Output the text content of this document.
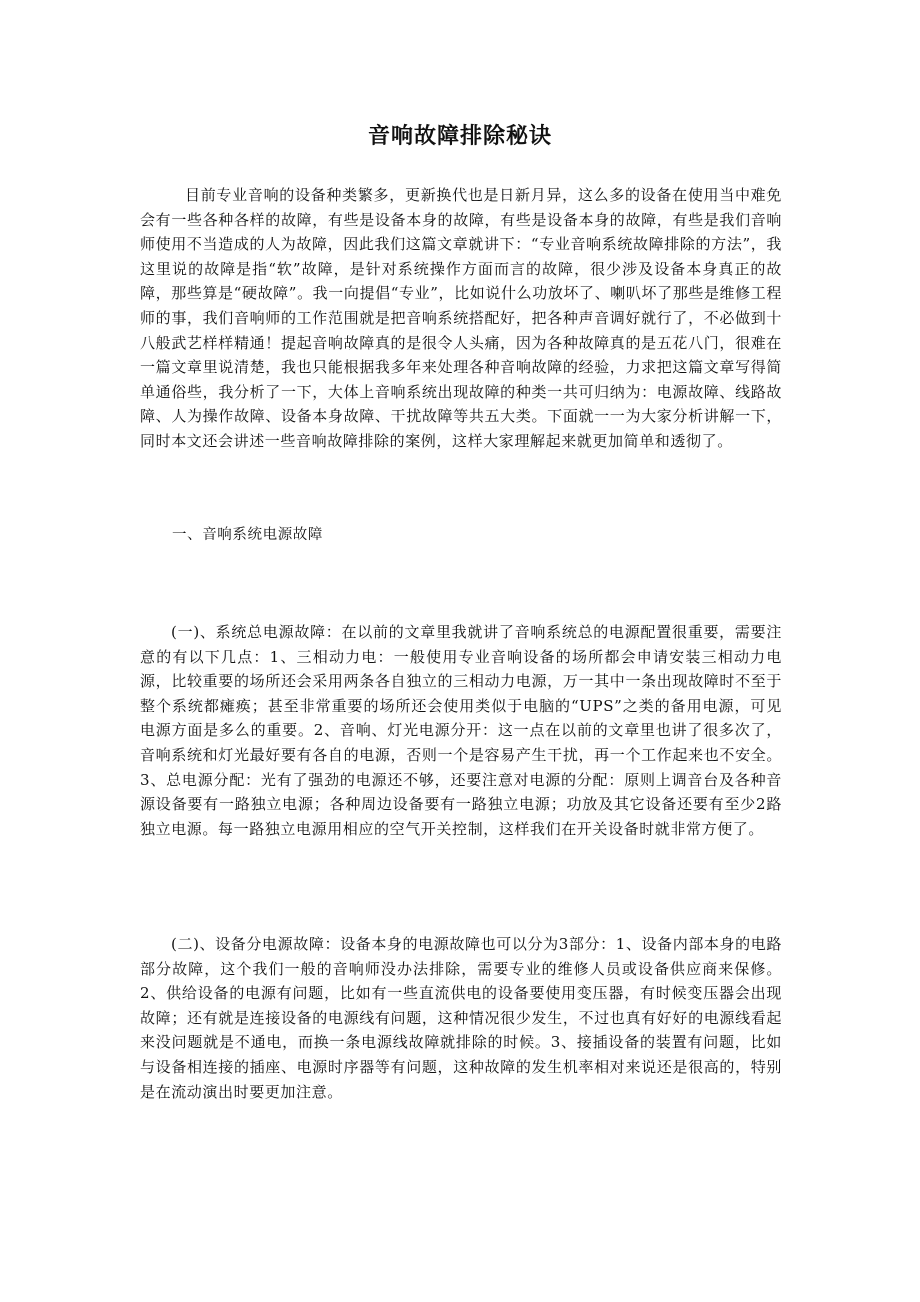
音响故障排除秘诀

目前专业音响的设备种类繁多，更新换代也是日新月异，这么多的设备在使用当中难免会有一些各种各样的故障，有些是设备本身的故障，有些是设备本身的故障，有些是我们音响师使用不当造成的人为故障，因此我们这篇文章就讲下：“专业音响系统故障排除的方法”，我这里说的故障是指“软”故障，是针对系统操作方面而言的故障，很少涉及设备本身真正的故障，那些算是“硬故障”。我一向提倡“专业”，比如说什么功放坏了、喇叭坏了那些是维修工程师的事，我们音响师的工作范围就是把音响系统搭配好，把各种声音调好就行了，不必做到十八般武艺样样精通！提起音响故障真的是很令人头痛，因为各种故障真的是五花八门，很难在一篇文章里说清楚，我也只能根据我多年来处理各种音响故障的经验，力求把这篇文章写得简单通俗些，我分析了一下，大体上音响系统出现故障的种类一共可归纳为：电源故障、线路故障、人为操作故障、设备本身故障、干扰故障等共五大类。下面就一一为大家分析讲解一下，同时本文还会讲述一些音响故障排除的案例，这样大家理解起来就更加简单和透彻了。

一、音响系统电源故障

(一)、系统总电源故障：在以前的文章里我就讲了音响系统总的电源配置很重要，需要注意的有以下几点：1、三相动力电：一般使用专业音响设备的场所都会申请安装三相动力电源，比较重要的场所还会采用两条各自独立的三相动力电源，万一其中一条出现故障时不至于整个系统都瘫痪；甚至非常重要的场所还会使用类似于电脑的“UPS”之类的备用电源，可见电源方面是多么的重要。2、音响、灯光电源分开：这一点在以前的文章里也讲了很多次了，音响系统和灯光最好要有各自的电源，否则一个是容易产生干扰，再一个工作起来也不安全。3、总电源分配：光有了强劲的电源还不够，还要注意对电源的分配：原则上调音台及各种音源设备要有一路独立电源；各种周边设备要有一路独立电源；功放及其它设备还要有至少2路独立电源。每一路独立电源用相应的空气开关控制，这样我们在开关设备时就非常方便了。

(二)、设备分电源故障：设备本身的电源故障也可以分为3部分：1、设备内部本身的电路部分故障，这个我们一般的音响师没办法排除，需要专业的维修人员或设备供应商来保修。2、供给设备的电源有问题，比如有一些直流供电的设备要使用变压器，有时候变压器会出现故障；还有就是连接设备的电源线有问题，这种情况很少发生，不过也真有好好的电源线看起来没问题就是不通电，而换一条电源线故障就排除的时候。3、接插设备的装置有问题，比如与设备相连接的插座、电源时序器等有问题，这种故障的发生机率相对来说还是很高的，特别是在流动演出时要更加注意。
